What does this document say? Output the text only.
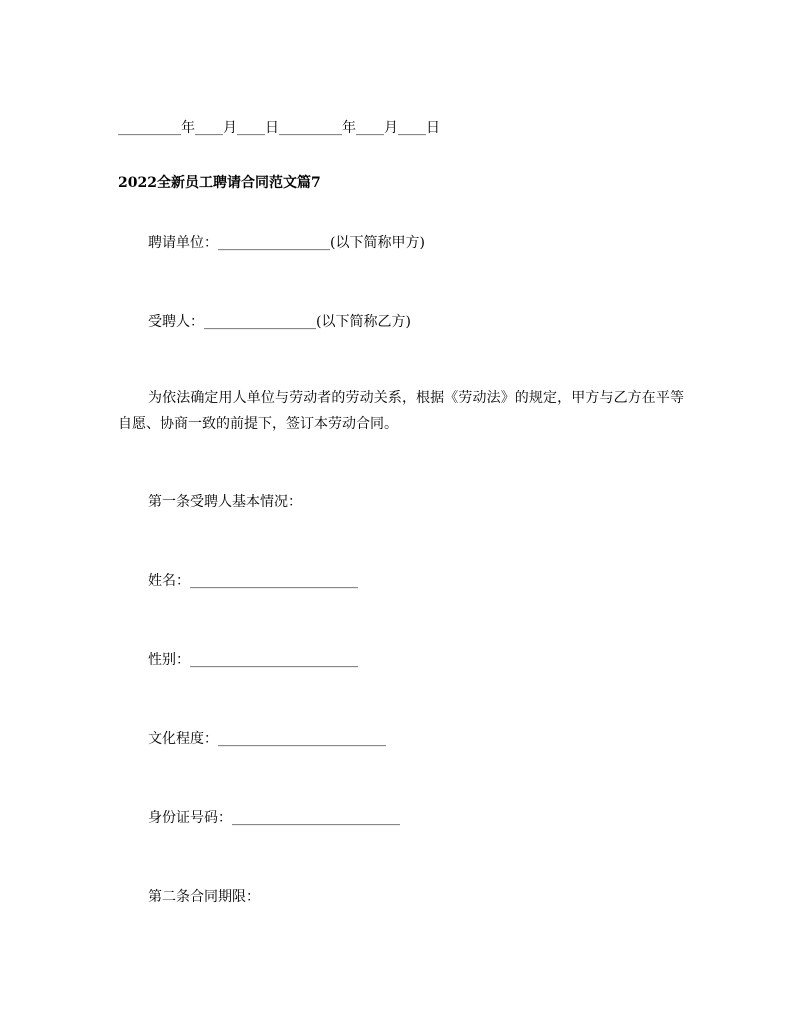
_________年____月____日_________年____月____日
2022全新员工聘请合同范文篇7
聘请单位：________________(以下简称甲方)
受聘人：________________(以下简称乙方)
为依法确定用人单位与劳动者的劳动关系，根据《劳动法》的规定，甲方与乙方在平等自愿、协商一致的前提下，签订本劳动合同。
第一条受聘人基本情况：
姓名：________________________
性别：________________________
文化程度：________________________
身份证号码：________________________
第二条合同期限：
